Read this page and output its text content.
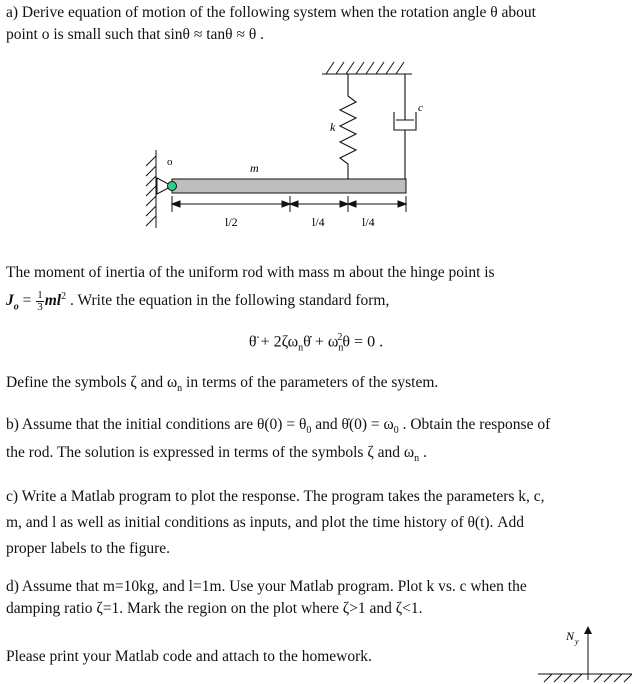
a) Derive equation of motion of the following system when the rotation angle θ about
point o is small such that sinθ ≈ tanθ ≈ θ .
o	m
k
c
l/2	l/4	l/4
The moment of inertia of the uniform rod with mass m about the hinge point is
$J_o = \frac{1}{3} ml^2$ . Write the equation in the following standard form,
θ̈ + $2\zeta\omega_n\thetȧ + \omega_n^2\theta = 0$ .
Define the symbols ζ and $\omega_n$ in terms of the parameters of the system.
b) Assume that the initial conditions are $\theta(0) = \theta_0$ and θ̇(0) = $\omega_0$ . Obtain the response of
the rod. The solution is expressed in terms of the symbols ζ and $\omega_n$ .
c) Write a Matlab program to plot the response. The program takes the parameters k, c,
m, and l as well as initial conditions as inputs, and plot the time history of θ(t). Add
proper labels to the figure.
d) Assume that m=10kg, and l=1m. Use your Matlab program. Plot k vs. c when the
damping ratio ζ=1. Mark the region on the plot where ζ>1 and ζ<1.
Please print your Matlab code and attach to the homework.
N y
